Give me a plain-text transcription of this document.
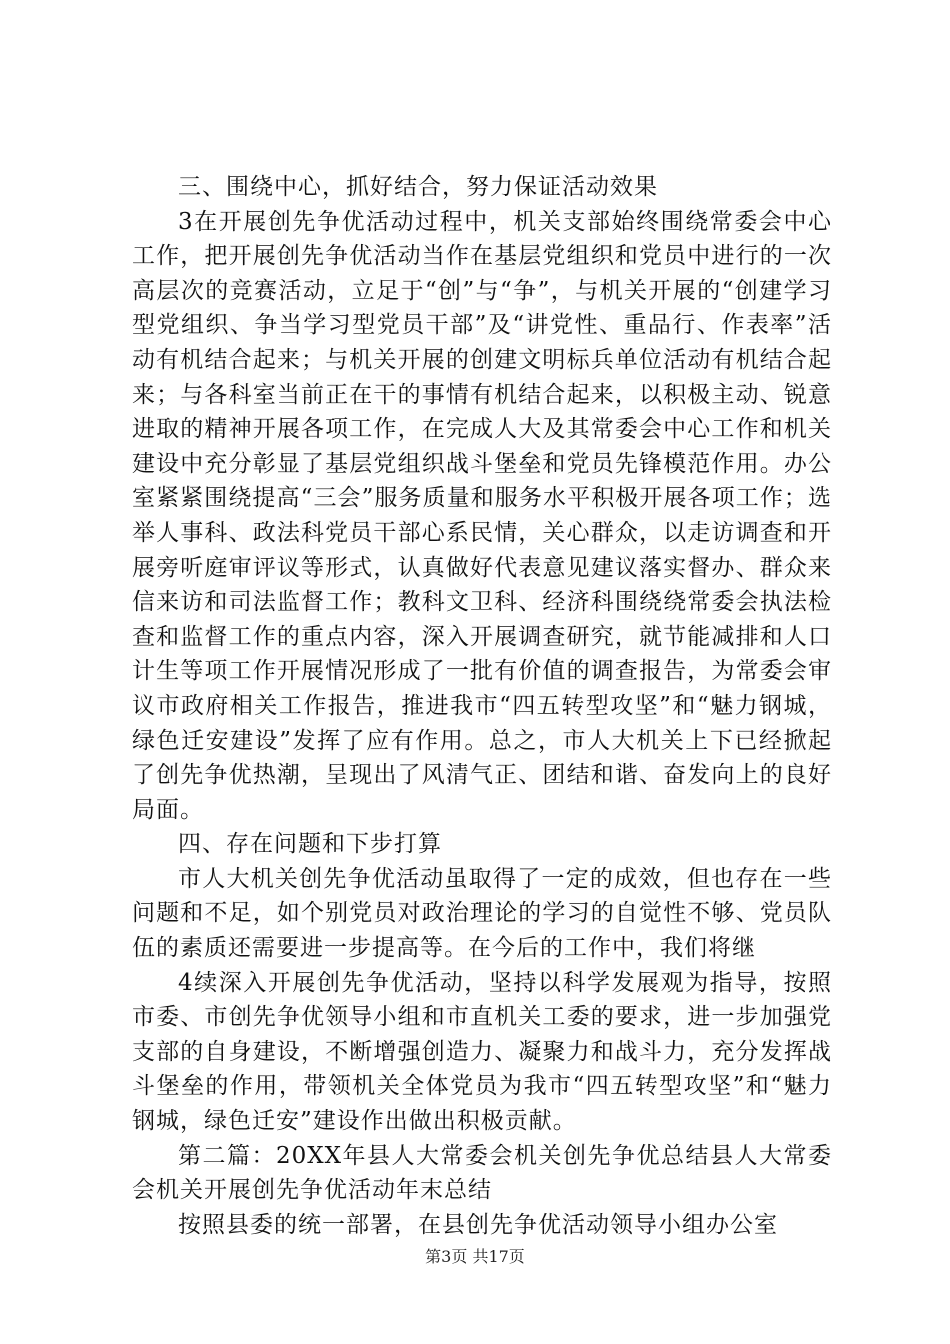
三、围绕中心，抓好结合，努力保证活动效果

3在开展创先争优活动过程中，机关支部始终围绕常委会中心工作，把开展创先争优活动当作在基层党组织和党员中进行的一次高层次的竞赛活动，立足于“创”与“争”，与机关开展的“创建学习型党组织、争当学习型党员干部”及“讲党性、重品行、作表率”活动有机结合起来；与机关开展的创建文明标兵单位活动有机结合起来；与各科室当前正在干的事情有机结合起来，以积极主动、锐意进取的精神开展各项工作，在完成人大及其常委会中心工作和机关建设中充分彰显了基层党组织战斗堡垒和党员先锋模范作用。办公室紧紧围绕提高“三会”服务质量和服务水平积极开展各项工作；选举人事科、政法科党员干部心系民情，关心群众，以走访调查和开展旁听庭审评议等形式，认真做好代表意见建议落实督办、群众来信来访和司法监督工作；教科文卫科、经济科围绕绕常委会执法检查和监督工作的重点内容，深入开展调查研究，就节能减排和人口计生等项工作开展情况形成了一批有价值的调查报告，为常委会审议市政府相关工作报告，推进我市“四五转型攻坚”和“魅力钢城，绿色迁安建设”发挥了应有作用。总之，市人大机关上下已经掀起了创先争优热潮，呈现出了风清气正、团结和谐、奋发向上的良好局面。

四、存在问题和下步打算

市人大机关创先争优活动虽取得了一定的成效，但也存在一些问题和不足，如个别党员对政治理论的学习的自觉性不够、党员队伍的素质还需要进一步提高等。在今后的工作中，我们将继

4续深入开展创先争优活动，坚持以科学发展观为指导，按照市委、市创先争优领导小组和市直机关工委的要求，进一步加强党支部的自身建设，不断增强创造力、凝聚力和战斗力，充分发挥战斗堡垒的作用，带领机关全体党员为我市“四五转型攻坚”和“魅力钢城，绿色迁安”建设作出做出积极贡献。

第二篇：20XX年县人大常委会机关创先争优总结县人大常委会机关开展创先争优活动年末总结

按照县委的统一部署，在县创先争优活动领导小组办公室

第3页 共17页
